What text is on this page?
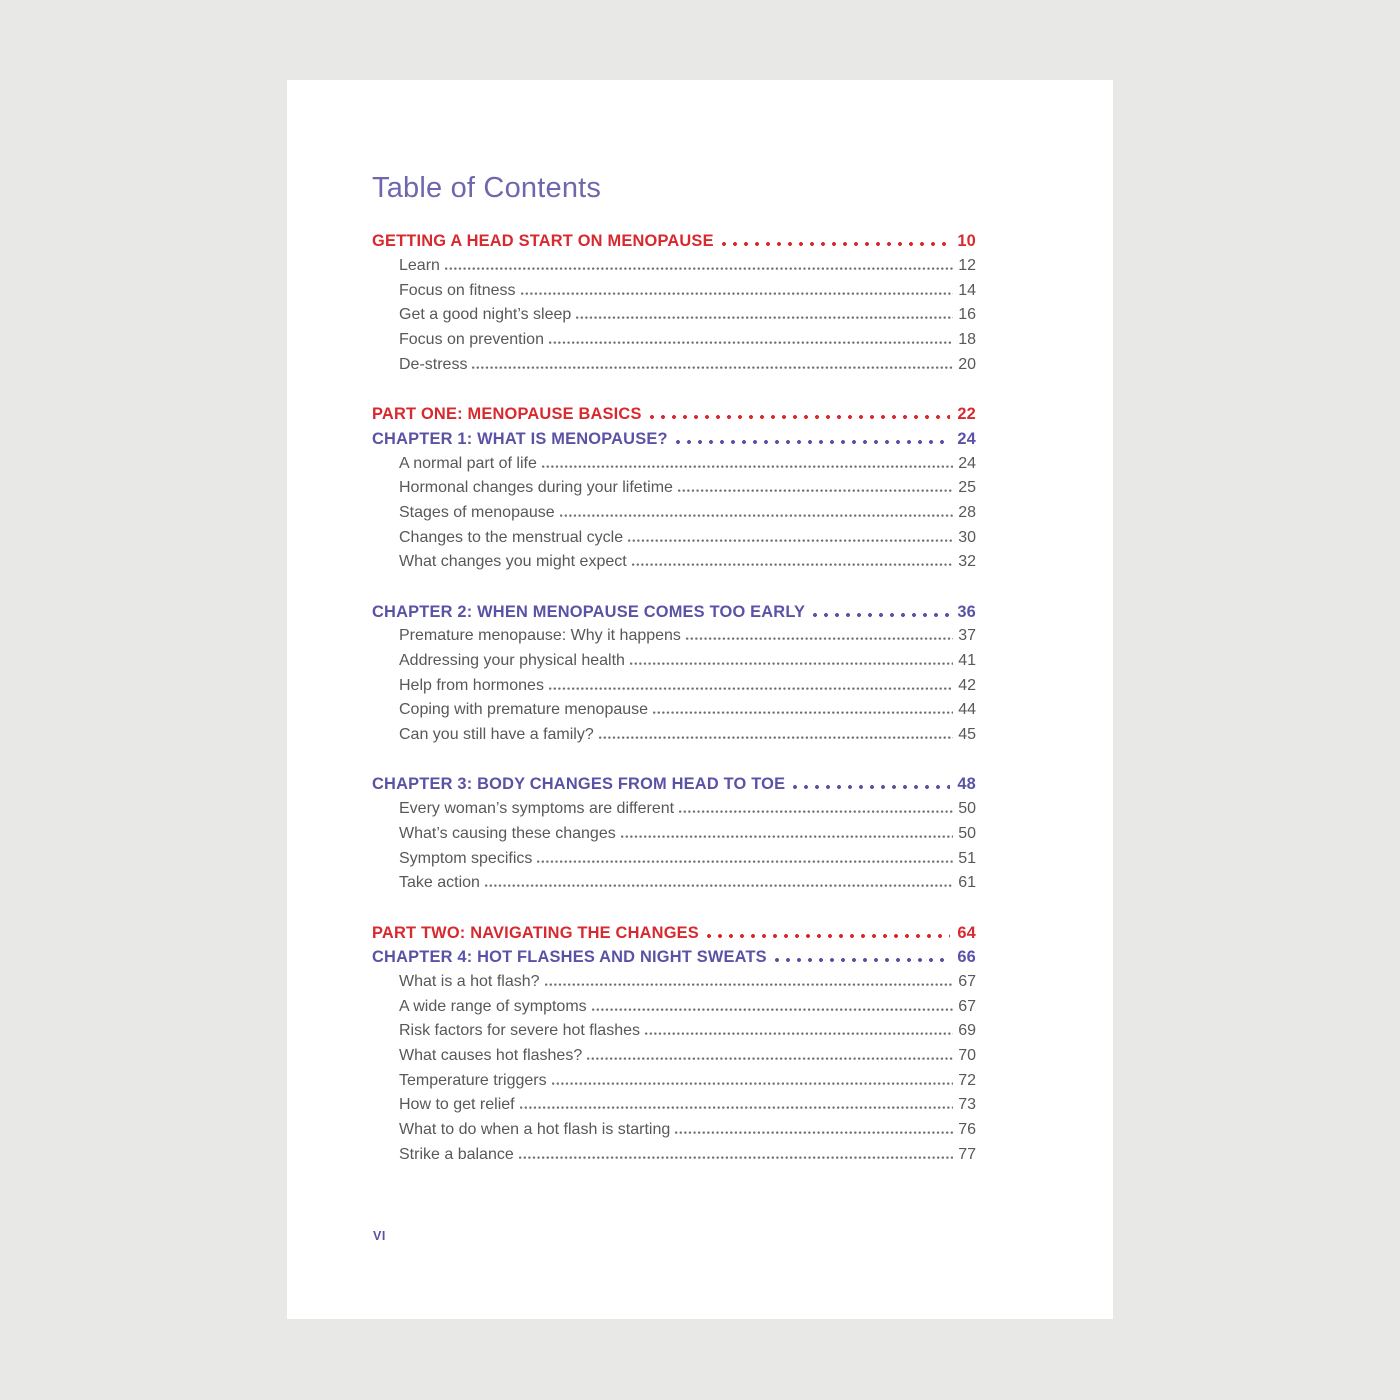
Table of Contents
GETTING A HEAD START ON MENOPAUSE	10
Learn	12
Focus on fitness	14
Get a good night’s sleep	16
Focus on prevention	18
De-stress	20
PART ONE: MENOPAUSE BASICS	22
CHAPTER 1: WHAT IS MENOPAUSE?	24
A normal part of life	24
Hormonal changes during your lifetime	25
Stages of menopause	28
Changes to the menstrual cycle	30
What changes you might expect	32
CHAPTER 2: WHEN MENOPAUSE COMES TOO EARLY	36
Premature menopause: Why it happens	37
Addressing your physical health	41
Help from hormones	42
Coping with premature menopause	44
Can you still have a family?	45
CHAPTER 3: BODY CHANGES FROM HEAD TO TOE	48
Every woman’s symptoms are different	50
What’s causing these changes	50
Symptom specifics	51
Take action	61
PART TWO: NAVIGATING THE CHANGES	64
CHAPTER 4: HOT FLASHES AND NIGHT SWEATS	66
What is a hot flash?	67
A wide range of symptoms	67
Risk factors for severe hot flashes	69
What causes hot flashes?	70
Temperature triggers	72
How to get relief	73
What to do when a hot flash is starting	76
Strike a balance	77
VI
